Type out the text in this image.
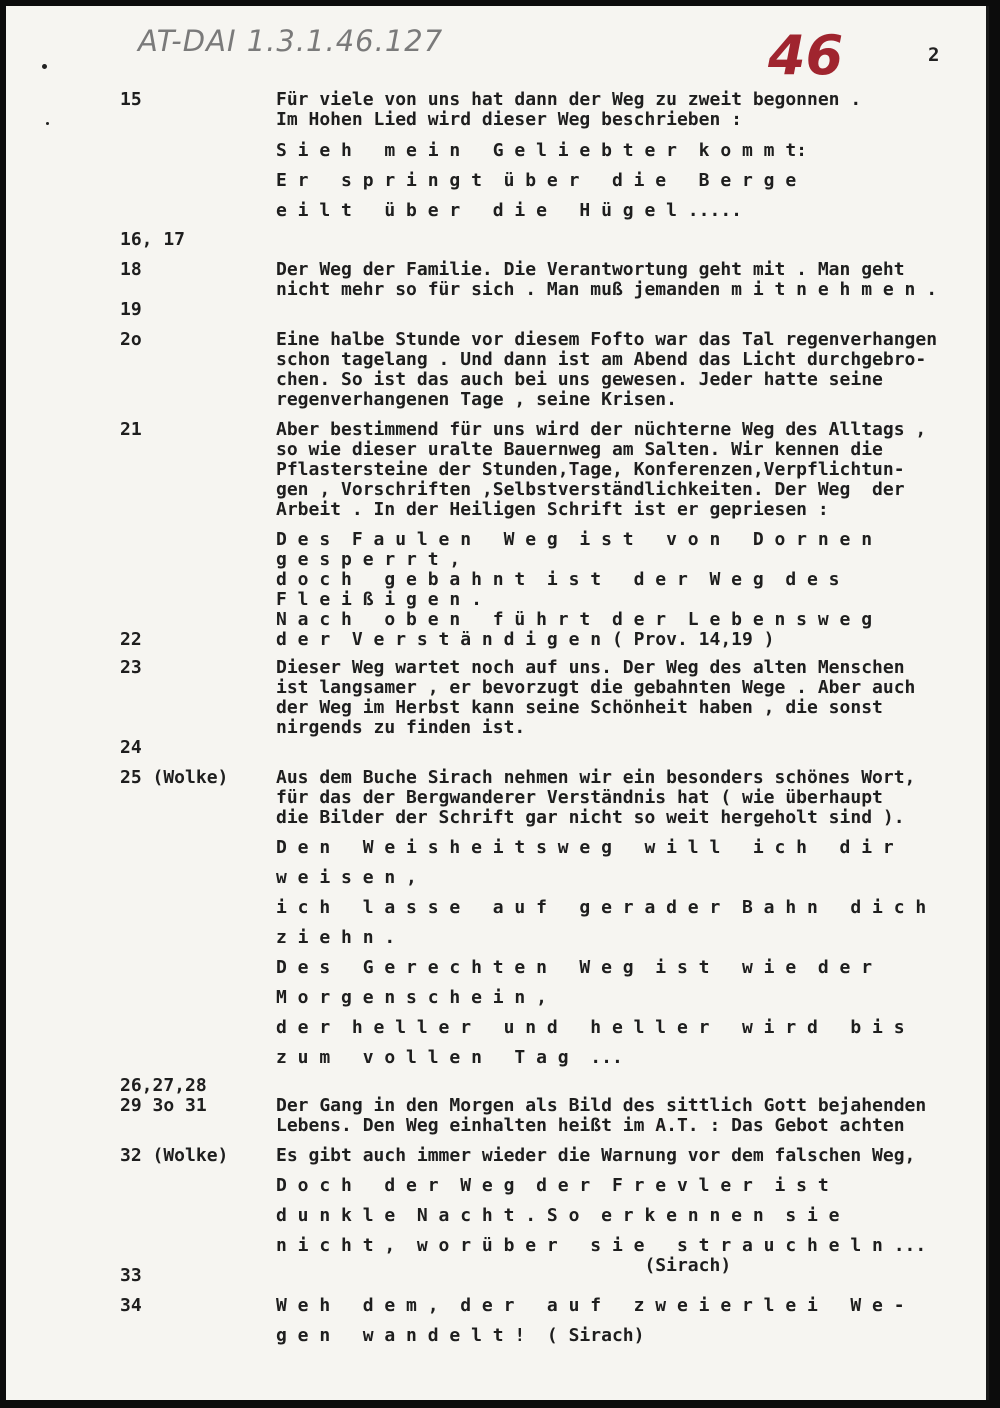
AT-DAI 1.3.1.46.127	46	2
15
16, 17
18
19
2o
21
22
23
24
25 (Wolke)
26,27,28
29 3o 31
32 (Wolke)
33
34
Für viele von uns hat dann der Weg zu zweit begonnen .
Im Hohen Lied wird dieser Weg beschrieben :
S i e h   m e i n   G e l i e b t e r  k o m m t:
E r   s p r i n g t  ü b e r   d i e   B e r g e
e i l t   ü b e r   d i e   H ü g e l .....
Der Weg der Familie. Die Verantwortung geht mit . Man geht
nicht mehr so für sich . Man muß jemanden m i t n e h m e n .
Eine halbe Stunde vor diesem Fofto war das Tal regenverhangen
schon tagelang . Und dann ist am Abend das Licht durchgebro-
chen. So ist das auch bei uns gewesen. Jeder hatte seine
regenverhangenen Tage , seine Krisen.
Aber bestimmend für uns wird der nüchterne Weg des Alltags ,
so wie dieser uralte Bauernweg am Salten. Wir kennen die
Pflastersteine der Stunden,Tage, Konferenzen,Verpflichtun-
gen , Vorschriften ,Selbstverständlichkeiten. Der Weg  der
Arbeit . In der Heiligen Schrift ist er gepriesen :
D e s  F a u l e n   W e g  i s t   v o n   D o r n e n
g e s p e r r t ,
d o c h   g e b a h n t  i s t   d e r  W e g  d e s
F l e i ß i g e n .
N a c h   o b e n   f ü h r t  d e r  L e b e n s w e g
d e r  V e r s t ä n d i g e n ( Prov. 14,19 )
Dieser Weg wartet noch auf uns. Der Weg des alten Menschen
ist langsamer , er bevorzugt die gebahnten Wege . Aber auch
der Weg im Herbst kann seine Schönheit haben , die sonst
nirgends zu finden ist.
Aus dem Buche Sirach nehmen wir ein besonders schönes Wort,
für das der Bergwanderer Verständnis hat ( wie überhaupt
die Bilder der Schrift gar nicht so weit hergeholt sind ).
D e n   W e i s h e i t s w e g   w i l l   i c h   d i r
w e i s e n ,
i c h   l a s s e   a u f   g e r a d e r  B a h n   d i c h
z i e h n .
D e s   G e r e c h t e n   W e g  i s t   w i e  d e r
M o r g e n s c h e i n ,
d e r  h e l l e r   u n d   h e l l e r   w i r d   b i s
z u m   v o l l e n   T a g  ...
Der Gang in den Morgen als Bild des sittlich Gott bejahenden
Lebens. Den Weg einhalten heißt im A.T. : Das Gebot achten
Es gibt auch immer wieder die Warnung vor dem falschen Weg,
D o c h   d e r  W e g  d e r  F r e v l e r  i s t
d u n k l e  N a c h t . S o  e r k e n n e n  s i e
n i c h t ,  w o r ü b e r   s i e   s t r a u c h e l n ...
(Sirach)
W e h   d e m ,  d e r   a u f   z w e i e r l e i   W e -
g e n   w a n d e l t !  ( Sirach)
